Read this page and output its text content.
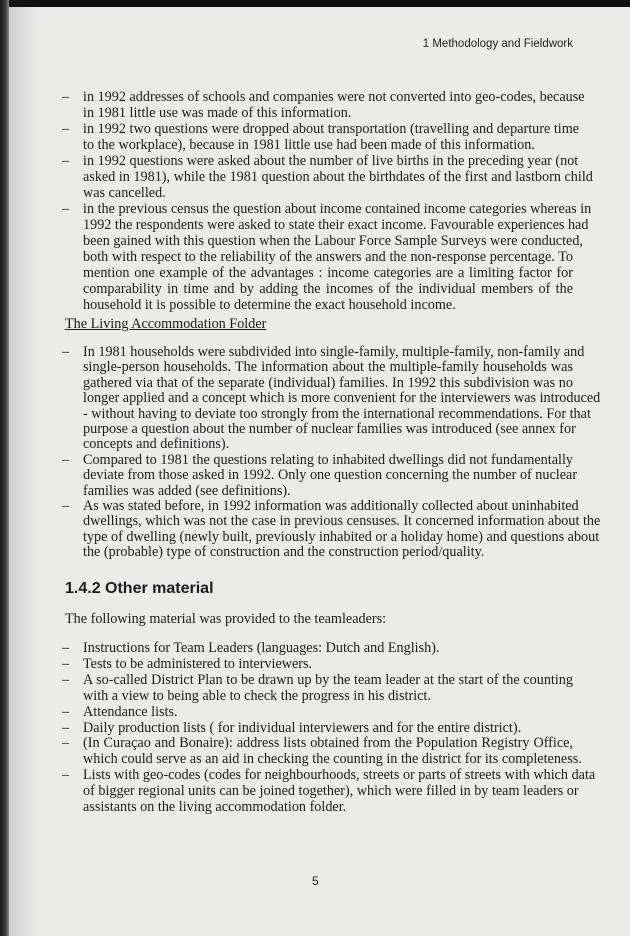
1 Methodology and Fieldwork
– in 1992 addresses of schools and companies were not converted into geo-codes, because
in 1981 little use was made of this information.
– in 1992 two questions were dropped about transportation (travelling and departure time
to the workplace), because in 1981 little use had been made of this information.
– in 1992 questions were asked about the number of live births in the preceding year (not
asked in 1981), while the 1981 question about the birthdates of the first and lastborn child
was cancelled.
– in the previous census the question about income contained income categories whereas in
1992 the respondents were asked to state their exact income. Favourable experiences had
been gained with this question when the Labour Force Sample Surveys were conducted,
both with respect to the reliability of the answers and the non-response percentage. To
mention one example of the advantages : income categories are a limiting factor for
comparability in time and by adding the incomes of the individual members of the
household it is possible to determine the exact household income.
The Living Accommodation Folder
– In 1981 households were subdivided into single-family, multiple-family, non-family and
single-person households. The information about the multiple-family households was
gathered via that of the separate (individual) families. In 1992 this subdivision was no
longer applied and a concept which is more convenient for the interviewers was introduced
- without having to deviate too strongly from the international recommendations. For that
purpose a question about the number of nuclear families was introduced (see annex for
concepts and definitions).
– Compared to 1981 the questions relating to inhabited dwellings did not fundamentally
deviate from those asked in 1992. Only one question concerning the number of nuclear
families was added (see definitions).
– As was stated before, in 1992 information was additionally collected about uninhabited
dwellings, which was not the case in previous censuses. It concerned information about the
type of dwelling (newly built, previously inhabited or a holiday home) and questions about
the (probable) type of construction and the construction period/quality.
1.4.2 Other material
The following material was provided to the teamleaders:
– Instructions for Team Leaders (languages: Dutch and English).
– Tests to be administered to interviewers.
– A so-called District Plan to be drawn up by the team leader at the start of the counting
with a view to being able to check the progress in his district.
– Attendance lists.
– Daily production lists ( for individual interviewers and for the entire district).
– (In Curaçao and Bonaire): address lists obtained from the Population Registry Office,
which could serve as an aid in checking the counting in the district for its completeness.
– Lists with geo-codes (codes for neighbourhoods, streets or parts of streets with which data
of bigger regional units can be joined together), which were filled in by team leaders or
assistants on the living accommodation folder.
5
